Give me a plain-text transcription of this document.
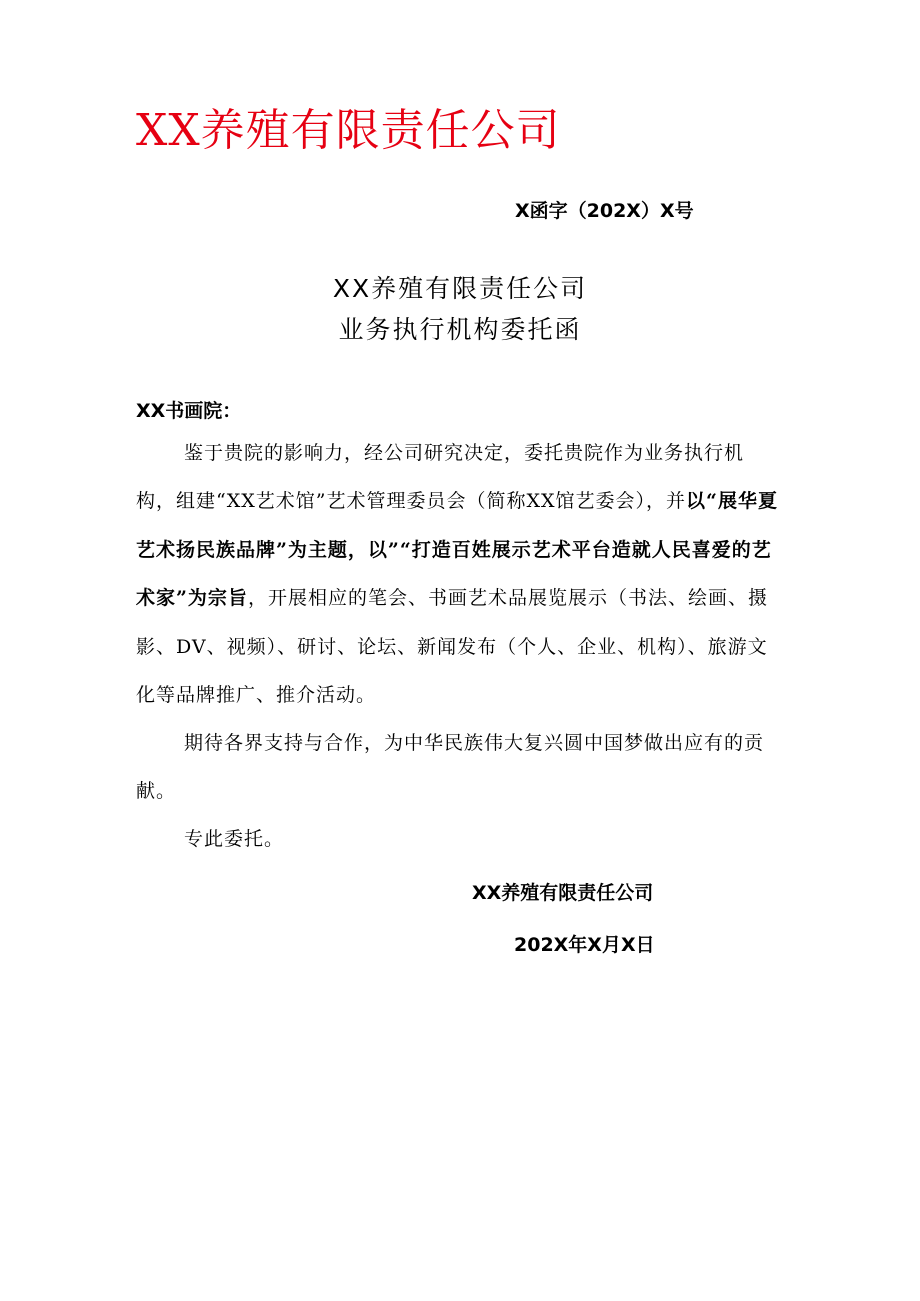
XX养殖有限责任公司
X函字（202X）X号
XX养殖有限责任公司
业务执行机构委托函
XX书画院：
鉴于贵院的影响力，经公司研究决定，委托贵院作为业务执行机构，组建“XX艺术馆”艺术管理委员会（简称XX馆艺委会），并以“展华夏艺术扬民族品牌”为主题，以”“打造百姓展示艺术平台造就人民喜爱的艺术家”为宗旨，开展相应的笔会、书画艺术品展览展示（书法、绘画、摄影、DV、视频）、研讨、论坛、新闻发布（个人、企业、机构）、旅游文化等品牌推广、推介活动。
期待各界支持与合作，为中华民族伟大复兴圆中国梦做出应有的贡献。
专此委托。
XX养殖有限责任公司
202X年X月X日
